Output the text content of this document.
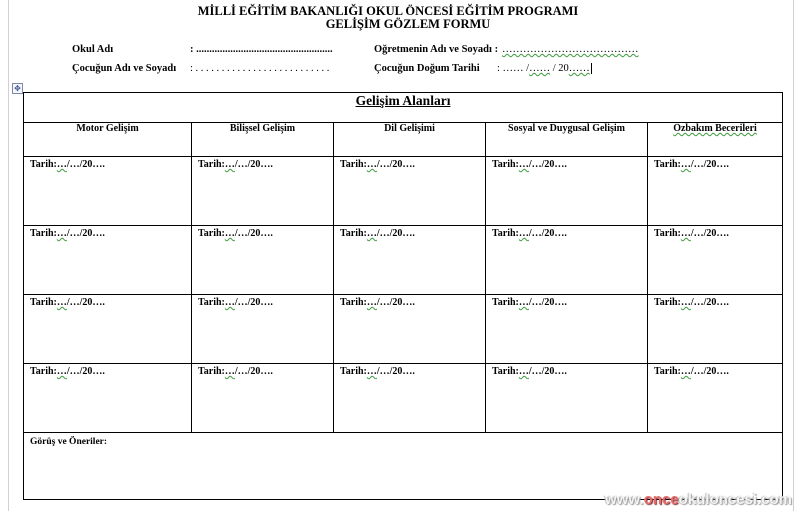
MİLLİ EĞİTİM BAKANLIĞI OKUL ÖNCESİ EĞİTİM PROGRAMI
GELİŞİM GÖZLEM FORMU
Okul Adı	: ....................................................
Çocuğun Adı ve Soyadı : . . . . . . . . . . . . . . . . . . . . . . . . . .
Oğretmenin Adı ve Soyadı : …………………………………
Çocuğun Doğum Tarihi : …… /…… / 20……
✥
Gelişim Alanları				
Motor Gelişim	Bilişsel Gelişim	Dil Gelişimi	Sosyal ve Duygusal Gelişim	Özbakım Becerileri

Tarih:…/…/20….	Tarih:…/…/20….	Tarih:…/…/20….	Tarih:…/…/20….	Tarih:…/…/20….

Tarih:…/…/20….	Tarih:…/…/20….	Tarih:…/…/20….	Tarih:…/…/20….	Tarih:…/…/20….

Tarih:…/…/20….	Tarih:…/…/20….	Tarih:…/…/20….	Tarih:…/…/20….	Tarih:…/…/20….

Tarih:…/…/20….	Tarih:…/…/20….	Tarih:…/…/20….	Tarih:…/…/20….	Tarih:…/…/20….

Görüş ve Öneriler:				
www.onceokuloncesi.com
